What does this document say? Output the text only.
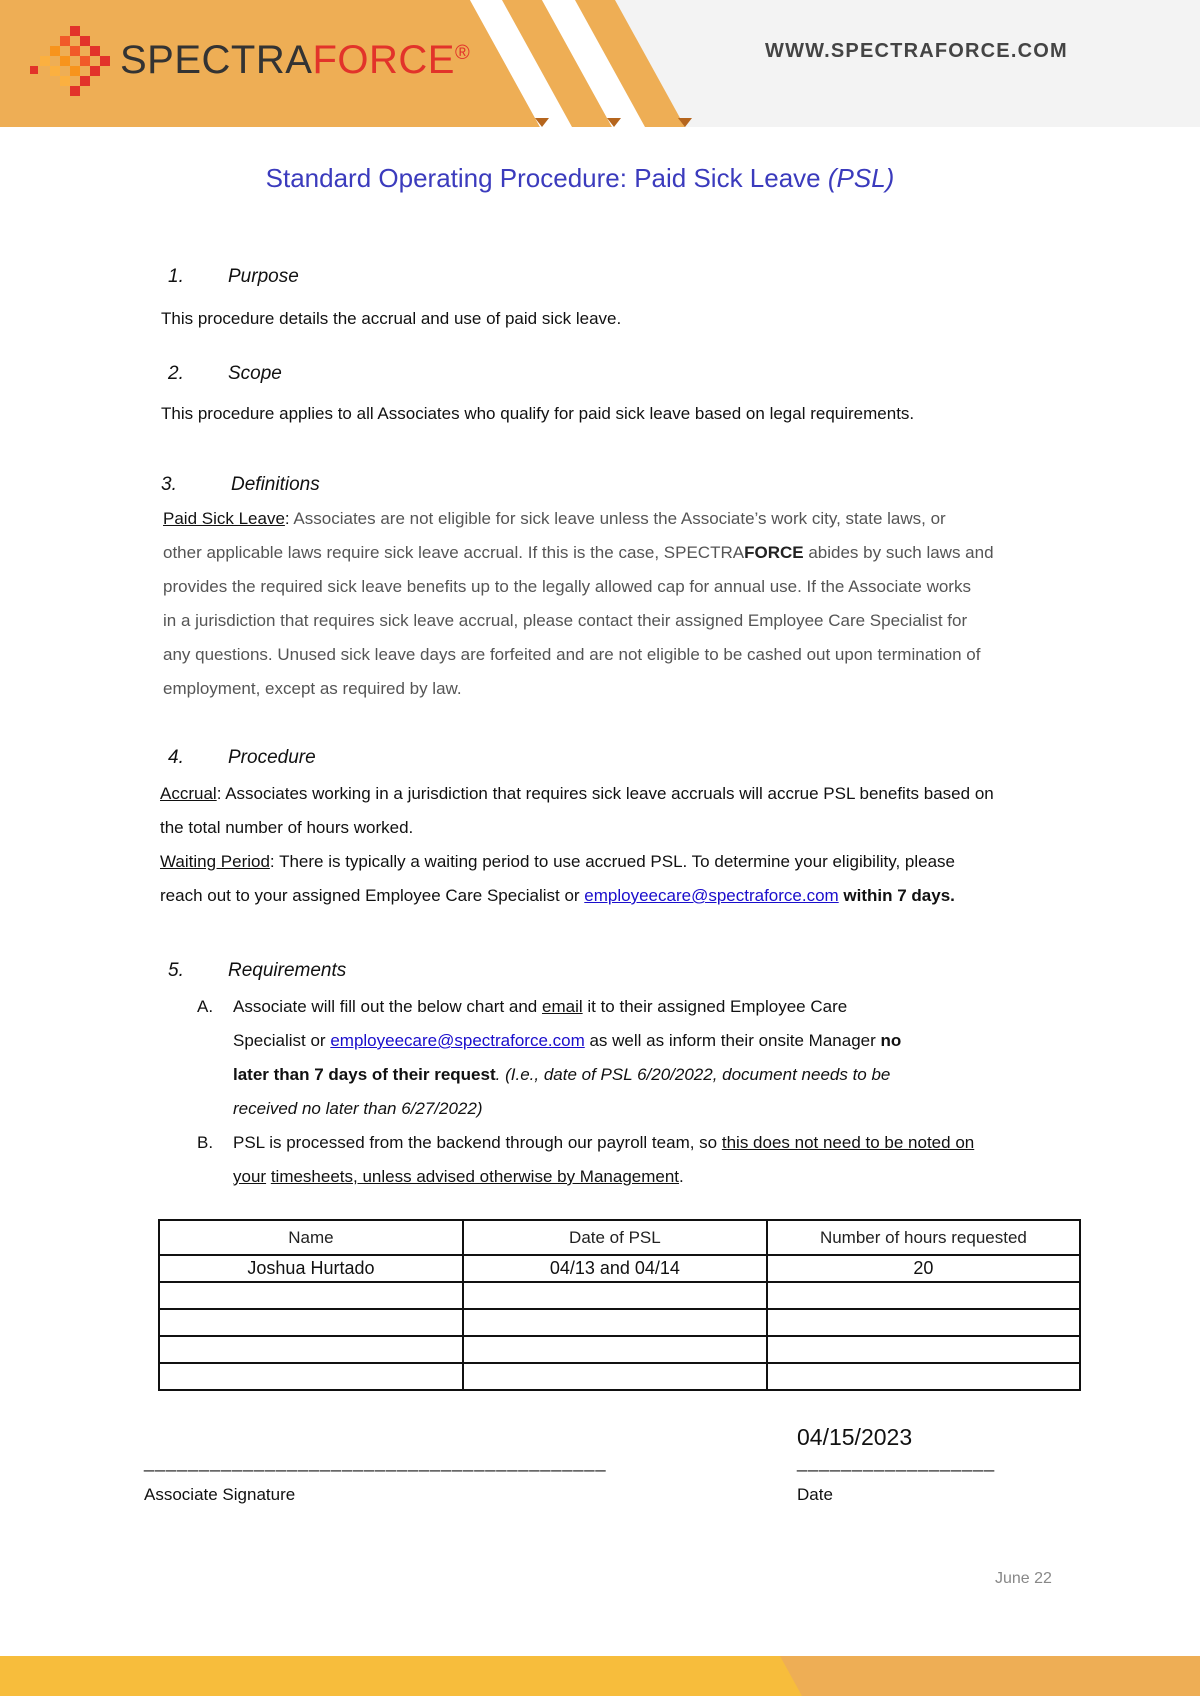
SPECTRAFORCE®	WWW.SPECTRAFORCE.COM
Standard Operating Procedure: Paid Sick Leave (PSL)
1. Purpose
This procedure details the accrual and use of paid sick leave.
2. Scope
This procedure applies to all Associates who qualify for paid sick leave based on legal requirements.
3.	Definitions
Paid Sick Leave: Associates are not eligible for sick leave unless the Associate’s work city, state laws, or
other applicable laws require sick leave accrual. If this is the case, SPECTRAFORCE abides by such laws and
provides the required sick leave benefits up to the legally allowed cap for annual use. If the Associate works
in a jurisdiction that requires sick leave accrual, please contact their assigned Employee Care Specialist for
any questions. Unused sick leave days are forfeited and are not eligible to be cashed out upon termination of
employment, except as required by law.
4. Procedure
Accrual: Associates working in a jurisdiction that requires sick leave accruals will accrue PSL benefits based on
the total number of hours worked.
Waiting Period: There is typically a waiting period to use accrued PSL. To determine your eligibility, please
reach out to your assigned Employee Care Specialist or employeecare@spectraforce.com within 7 days.
5. Requirements
A. Associate will fill out the below chart and email it to their assigned Employee Care
Specialist or employeecare@spectraforce.com as well as inform their onsite Manager no
later than 7 days of their request. (I.e., date of PSL 6/20/2022, document needs to be
received no later than 6/27/2022)
B. PSL is processed from the backend through our payroll team, so this does not need to be noted on
your timesheets, unless advised otherwise by Management.
Name	Date of PSL	Number of hours requested
Joshua Hurtado	04/13 and 04/14	20

__________________________________________
Associate Signature
04/15/2023
__________________
Date
June 22
